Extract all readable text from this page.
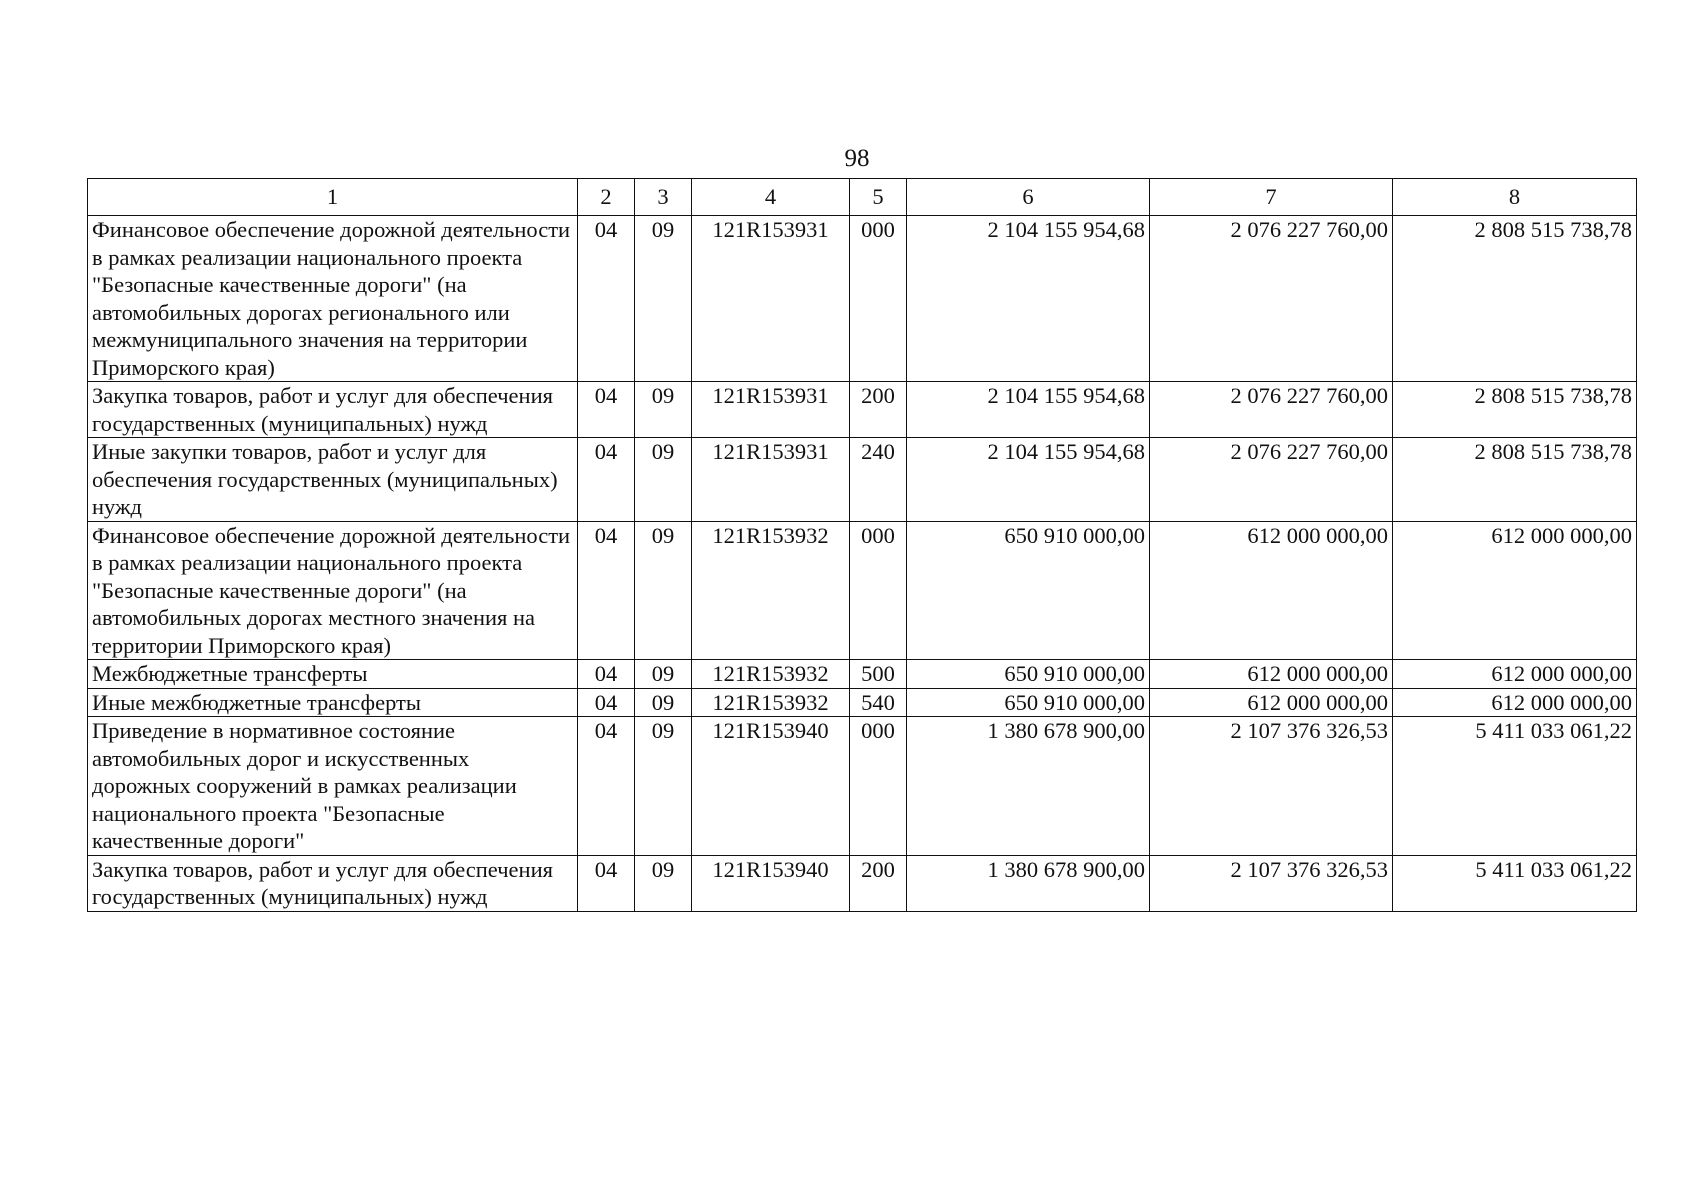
98
1	2	3	4	5	6	7	8
Финансовое обеспечение дорожной деятельности в рамках реализации национального проекта "Безопасные качественные дороги" (на автомобильных дорогах регионального или межмуниципального значения на территории Приморского края)	04	09	121R153931	000	2 104 155 954,68	2 076 227 760,00	2 808 515 738,78
Закупка товаров, работ и услуг для обеспечения государственных (муниципальных) нужд	04	09	121R153931	200	2 104 155 954,68	2 076 227 760,00	2 808 515 738,78
Иные закупки товаров, работ и услуг для обеспечения государственных (муниципальных) нужд	04	09	121R153931	240	2 104 155 954,68	2 076 227 760,00	2 808 515 738,78
Финансовое обеспечение дорожной деятельности в рамках реализации национального проекта "Безопасные качественные дороги" (на автомобильных дорогах местного значения на территории Приморского края)	04	09	121R153932	000	650 910 000,00	612 000 000,00	612 000 000,00
Межбюджетные трансферты	04	09	121R153932	500	650 910 000,00	612 000 000,00	612 000 000,00
Иные межбюджетные трансферты	04	09	121R153932	540	650 910 000,00	612 000 000,00	612 000 000,00
Приведение в нормативное состояние автомобильных дорог и искусственных дорожных сооружений в рамках реализации национального проекта "Безопасные качественные дороги"	04	09	121R153940	000	1 380 678 900,00	2 107 376 326,53	5 411 033 061,22
Закупка товаров, работ и услуг для обеспечения государственных (муниципальных) нужд	04	09	121R153940	200	1 380 678 900,00	2 107 376 326,53	5 411 033 061,22
